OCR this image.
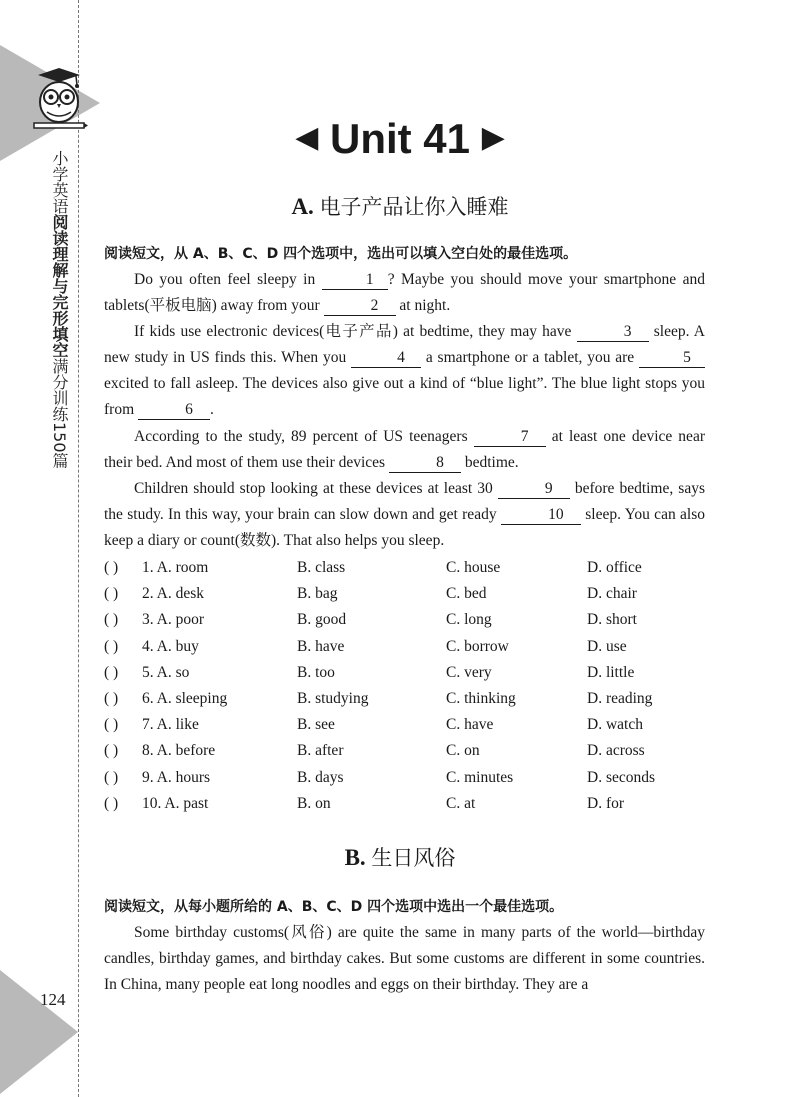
小学英语阅读理解与完形填空满分训练150篇
124
◀ Unit 41 ▶
A. 电子产品让你入睡难
阅读短文，从 A、B、C、D 四个选项中，选出可以填入空白处的最佳选项。

Do you often feel sleepy in	1 ? Maybe you should move your smartphone and tablets(平板电脑) away from your	2 at night.

If kids use electronic devices(电子产品) at bedtime, they may have	3 sleep. A new study in US finds this. When you	4 a smartphone or a tablet, you are	5 excited to fall asleep. The devices also give out a kind of “blue light”. The blue light stops you from	6 .

According to the study, 89 percent of US teenagers	7 at least one device near their bed. And most of them use their devices	8 bedtime.

Children should stop looking at these devices at least 30	9 before bedtime, says the study. In this way, your brain can slow down and get ready	10 sleep. You can also keep a diary or count(数数). That also helps you sleep.

( ) 1. A. room	B. class	C. house	D. office
( ) 2. A. desk	B. bag	C. bed	D. chair
( ) 3. A. poor	B. good	C. long	D. short
( ) 4. A. buy	B. have	C. borrow	D. use
( ) 5. A. so	B. too	C. very	D. little
( ) 6. A. sleeping	B. studying	C. thinking	D. reading
( ) 7. A. like	B. see	C. have	D. watch
( ) 8. A. before	B. after	C. on	D. across
( ) 9. A. hours	B. days	C. minutes	D. seconds
( ) 10. A. past	B. on	C. at	D. for
B. 生日风俗
阅读短文，从每小题所给的 A、B、C、D 四个选项中选出一个最佳选项。

Some birthday customs(风俗) are quite the same in many parts of the world—birthday candles, birthday games, and birthday cakes. But some customs are different in some countries. In China, many people eat long noodles and eggs on their birthday. They are a
